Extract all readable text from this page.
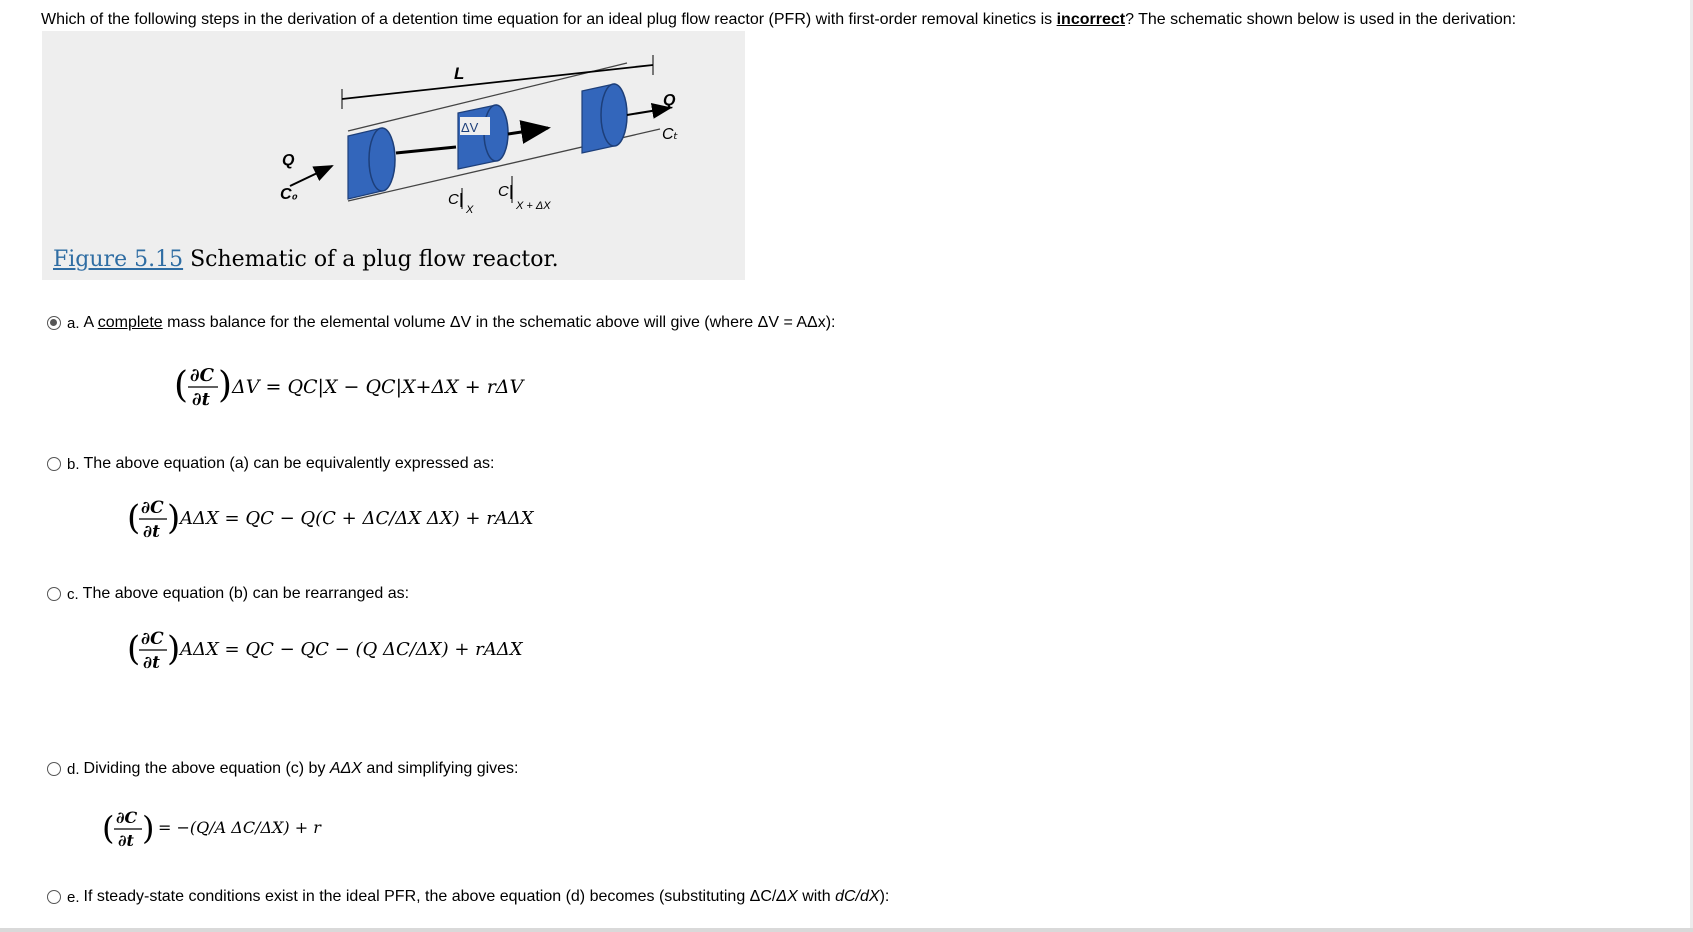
Which of the following steps in the derivation of a detention time equation for an ideal plug flow reactor (PFR) with first-order removal kinetics is incorrect? The schematic shown below is used in the derivation:
L
Q
C₀
Q
Cₜ
ΔV
C|
X
C|
X + ΔX
Figure 5.15 Schematic of a plug flow reactor.
a. A complete mass balance for the elemental volume ΔV in the schematic above will give (where ΔV = AΔx):
( ∂C
∂t ) ΔV = QC|X − QC|X+ΔX + rΔV
b. The above equation (a) can be equivalently expressed as:
( ∂C
∂t ) AΔX = QC − Q(C + ΔC/ΔX ΔX) + rAΔX
c. The above equation (b) can be rearranged as:
( ∂C
∂t ) AΔX = QC − QC − (Q ΔC/ΔX) + rAΔX
d. Dividing the above equation (c) by AΔX and simplifying gives:
( ∂C
∂t ) = −(Q/A ΔC/ΔX) + r
e. If steady-state conditions exist in the ideal PFR, the above equation (d) becomes (substituting ΔC/ΔX with dC/dX):
